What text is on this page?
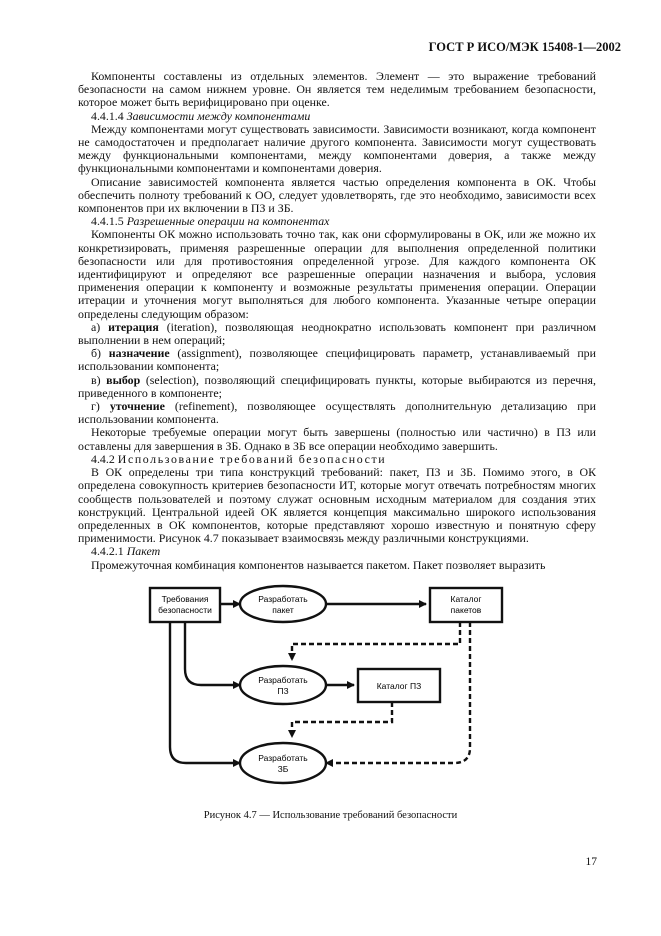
ГОСТ Р ИСО/МЭК 15408-1—2002

Компоненты составлены из отдельных элементов. Элемент — это выражение требований безопасности на самом нижнем уровне. Он является тем неделимым требованием безопасности, которое может быть верифицировано при оценке.

4.4.1.4 Зависимости между компонентами

Между компонентами могут существовать зависимости. Зависимости возникают, когда компонент не самодостаточен и предполагает наличие другого компонента. Зависимости могут существовать между функциональными компонентами, между компонентами доверия, а также между функциональными компонентами и компонентами доверия.

Описание зависимостей компонента является частью определения компонента в ОК. Чтобы обеспечить полноту требований к ОО, следует удовлетворять, где это необходимо, зависимости всех компонентов при их включении в ПЗ и ЗБ.

4.4.1.5 Разрешенные операции на компонентах

Компоненты ОК можно использовать точно так, как они сформулированы в ОК, или же можно их конкретизировать, применяя разрешенные операции для выполнения определенной политики безопасности или для противостояния определенной угрозе. Для каждого компонента ОК идентифицируют и определяют все разрешенные операции назначения и выбора, условия применения операции к компоненту и возможные результаты применения операции. Операции итерации и уточнения могут выполняться для любого компонента. Указанные четыре операции определены следующим образом:

а) итерация (iteration), позволяющая неоднократно использовать компонент при различном выполнении в нем операций;

б) назначение (assignment), позволяющее специфицировать параметр, устанавливаемый при использовании компонента;

в) выбор (selection), позволяющий специфицировать пункты, которые выбираются из перечня, приведенного в компоненте;

г) уточнение (refinement), позволяющее осуществлять дополнительную детализацию при использовании компонента.

Некоторые требуемые операции могут быть завершены (полностью или частично) в ПЗ или оставлены для завершения в ЗБ. Однако в ЗБ все операции необходимо завершить.

4.4.2 Использование требований безопасности

В ОК определены три типа конструкций требований: пакет, ПЗ и ЗБ. Помимо этого, в ОК определена совокупность критериев безопасности ИТ, которые могут отвечать потребностям многих сообществ пользователей и поэтому служат основным исходным материалом для создания этих конструкций. Центральной идеей ОК является концепция максимально широкого использования определенных в ОК компонентов, которые представляют хорошо известную и понятную сферу применимости. Рисунок 4.7 показывает взаимосвязь между различными конструкциями.

4.4.2.1 Пакет

Промежуточная комбинация компонентов называется пакетом. Пакет позволяет выразить

Требования
безопасности
Разработать
пакет
Каталог
пакетов
Разработать
ПЗ	Каталог ПЗ
Разработать
ЗБ
Рисунок 4.7 — Использование требований безопасности
17
